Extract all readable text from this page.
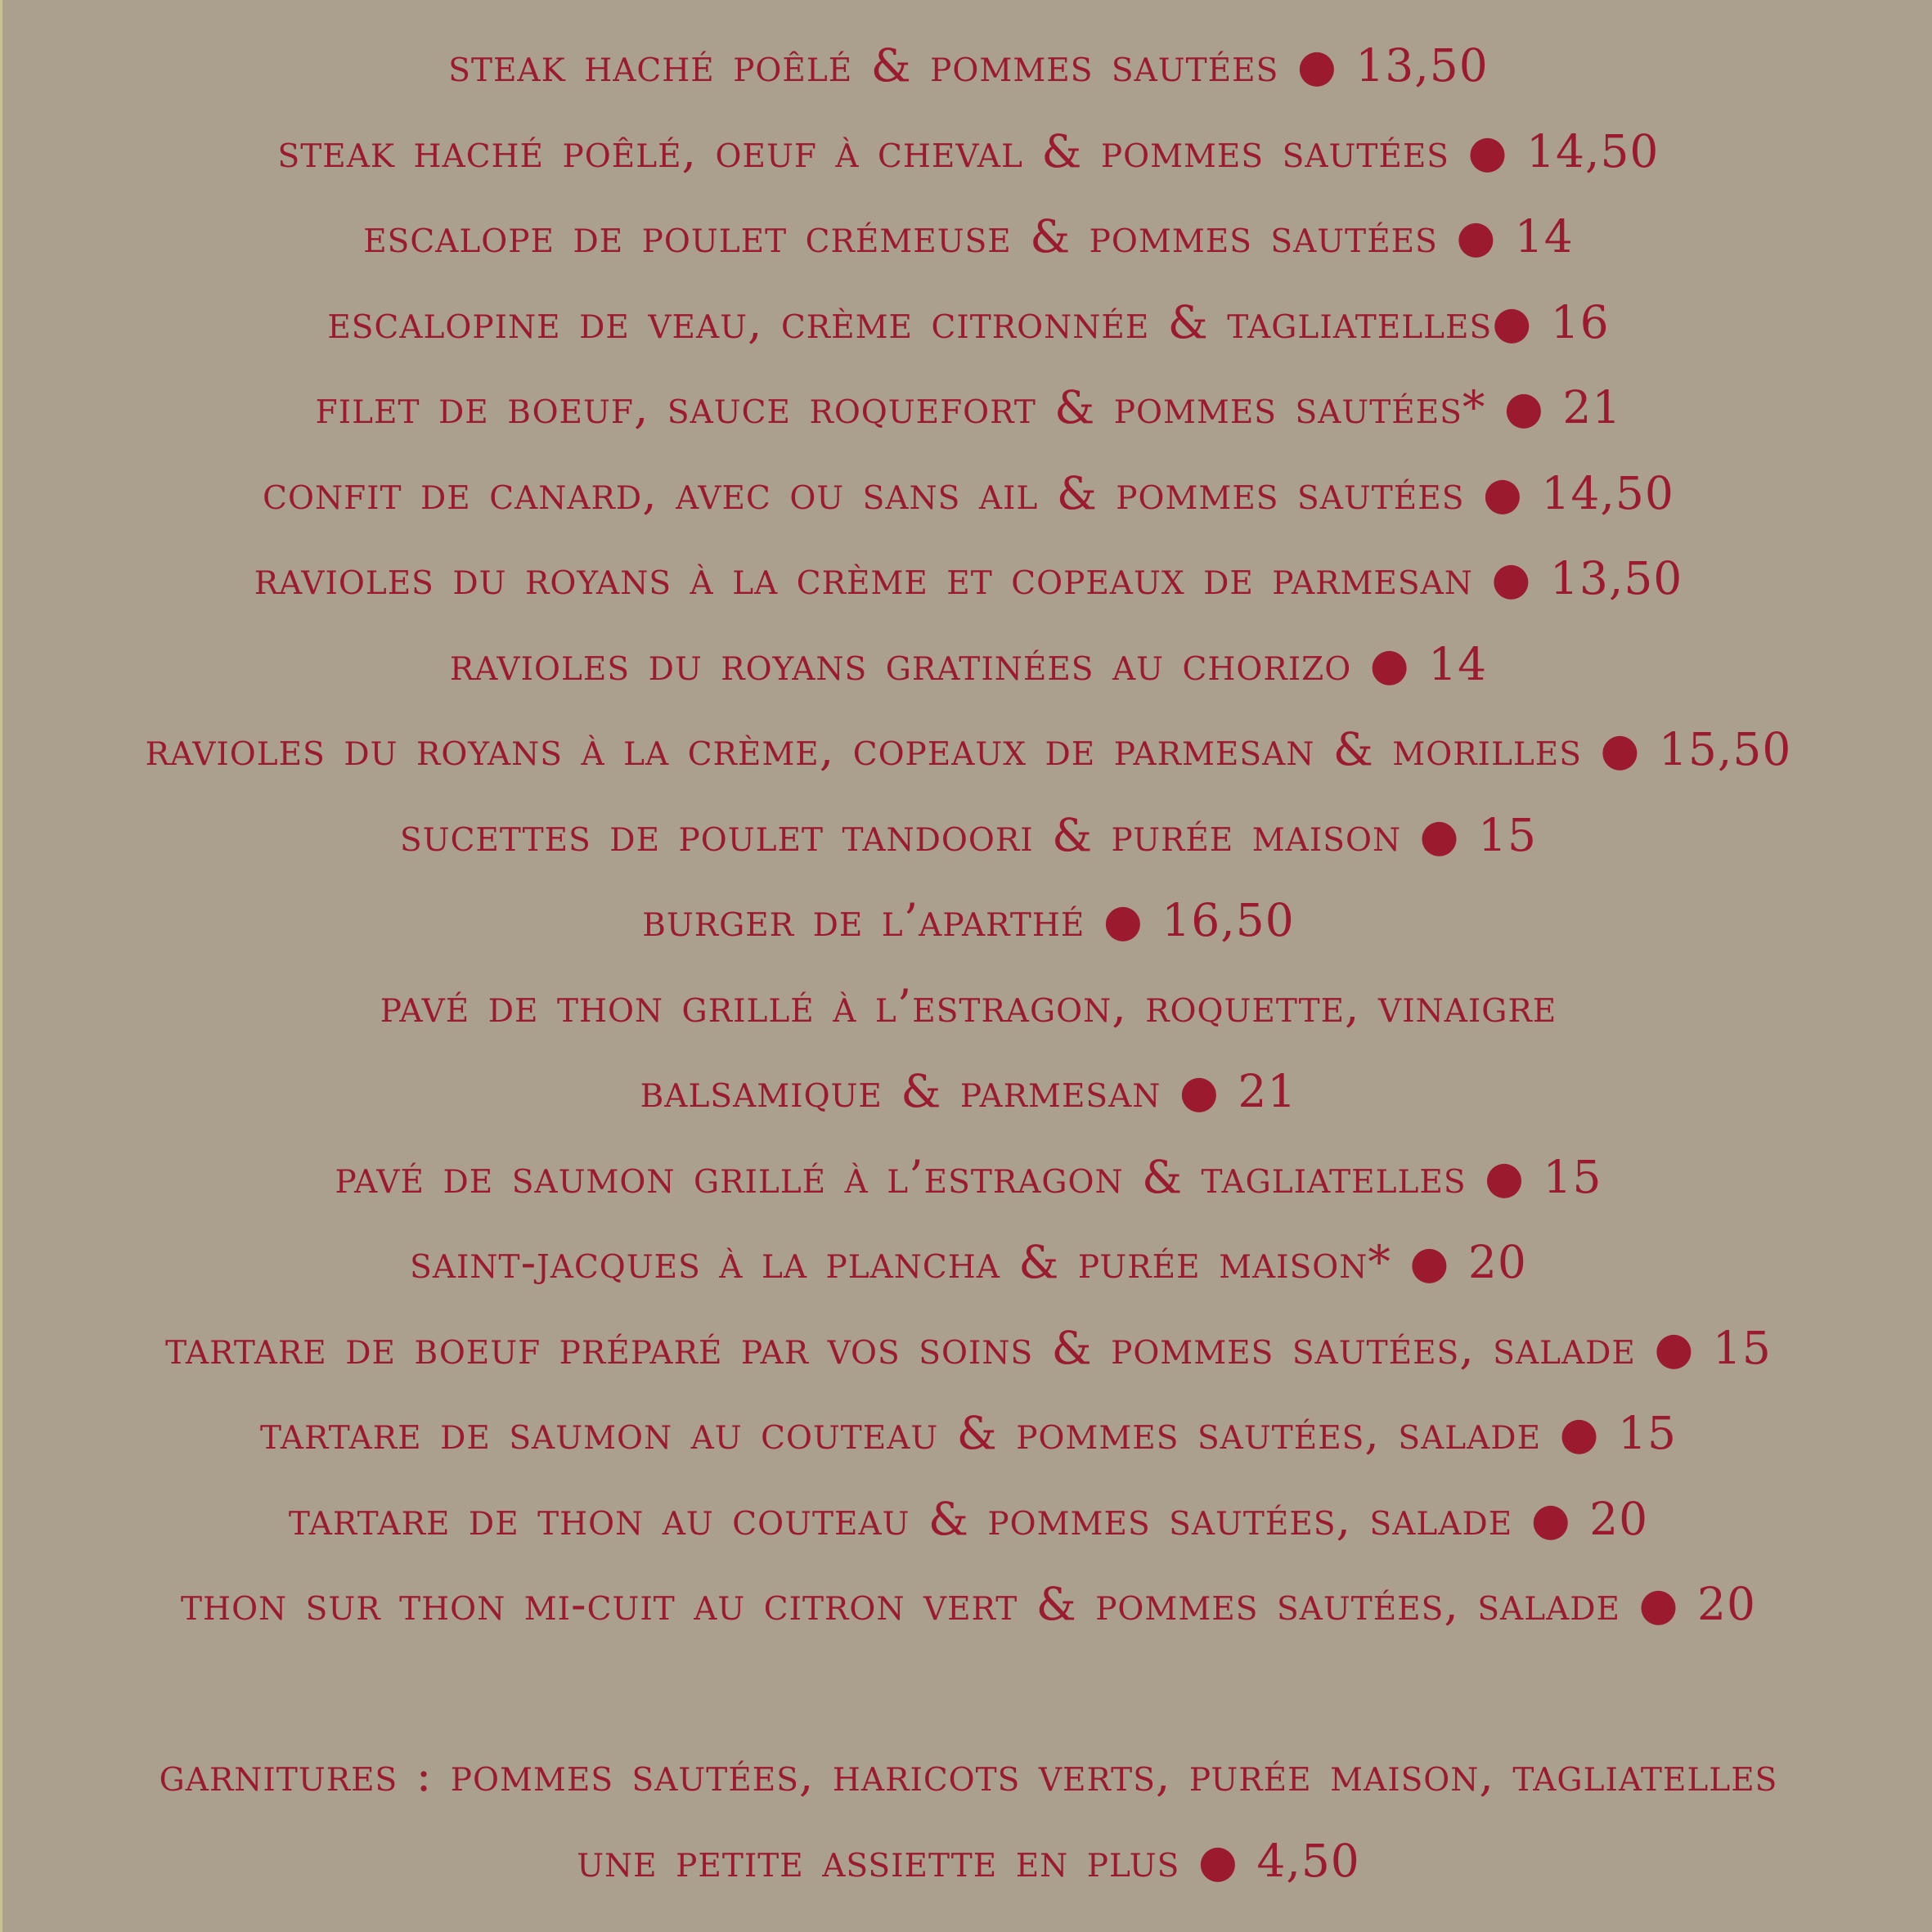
steak haché poêlé & pommes sautées ● 13,50
steak haché poêlé, oeuf à cheval & pommes sautées ● 14,50
escalope de poulet crémeuse & pommes sautées ● 14
escalopine de veau, crème citronnée & tagliatelles● 16
filet de boeuf, sauce roquefort & pommes sautées* ● 21
confit de canard, avec ou sans ail & pommes sautées ● 14,50
ravioles du royans à la crème et copeaux de parmesan ● 13,50
ravioles du royans gratinées au chorizo ● 14
ravioles du royans à la crème, copeaux de parmesan & morilles ● 15,50
sucettes de poulet tandoori & purée maison ● 15
burger de l’aparthé ● 16,50
pavé de thon grillé à l’estragon, roquette, vinaigre
balsamique & parmesan ● 21
pavé de saumon grillé à l’estragon & tagliatelles ● 15
saint-jacques à la plancha & purée maison* ● 20
tartare de boeuf préparé par vos soins & pommes sautées, salade ● 15
tartare de saumon au couteau & pommes sautées, salade ● 15
tartare de thon au couteau & pommes sautées, salade ● 20
thon sur thon mi-cuit au citron vert & pommes sautées, salade ● 20
garnitures : pommes sautées, haricots verts, purée maison, tagliatelles
une petite assiette en plus ● 4,50
